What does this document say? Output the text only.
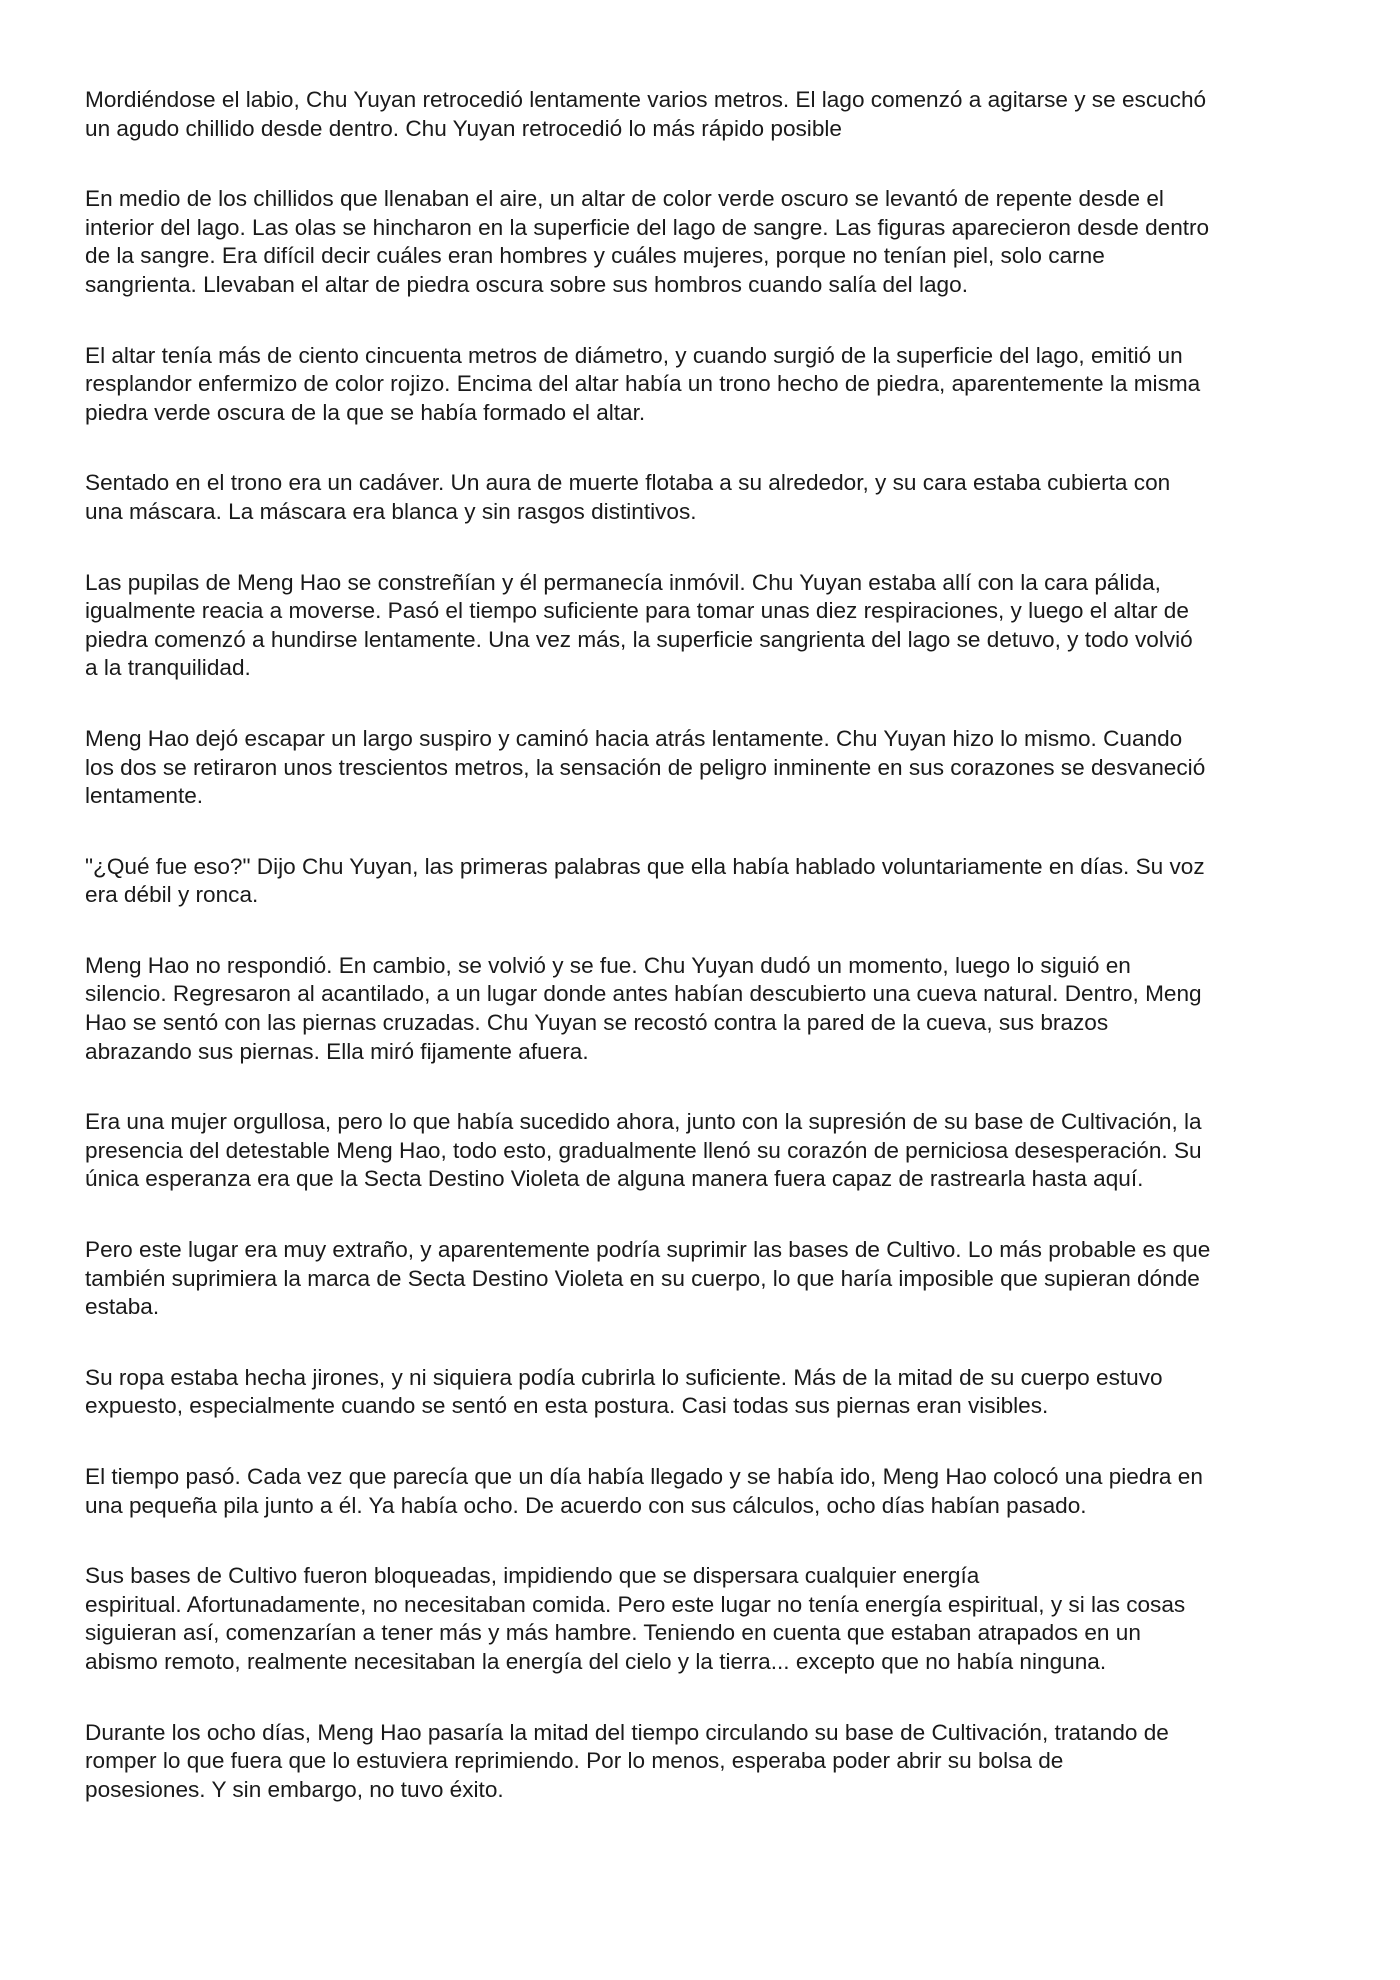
Mordiéndose el labio, Chu Yuyan retrocedió lentamente varios metros. El lago comenzó a agitarse y se escuchó
un agudo chillido desde dentro. Chu Yuyan retrocedió lo más rápido posible

En medio de los chillidos que llenaban el aire, un altar de color verde oscuro se levantó de repente desde el
interior del lago. Las olas se hincharon en la superficie del lago de sangre. Las figuras aparecieron desde dentro
de la sangre. Era difícil decir cuáles eran hombres y cuáles mujeres, porque no tenían piel, solo carne
sangrienta. Llevaban el altar de piedra oscura sobre sus hombros cuando salía del lago.

El altar tenía más de ciento cincuenta metros de diámetro, y cuando surgió de la superficie del lago, emitió un
resplandor enfermizo de color rojizo. Encima del altar había un trono hecho de piedra, aparentemente la misma
piedra verde oscura de la que se había formado el altar.

Sentado en el trono era un cadáver. Un aura de muerte flotaba a su alrededor, y su cara estaba cubierta con
una máscara. La máscara era blanca y sin rasgos distintivos.

Las pupilas de Meng Hao se constreñían y él permanecía inmóvil. Chu Yuyan estaba allí con la cara pálida,
igualmente reacia a moverse. Pasó el tiempo suficiente para tomar unas diez respiraciones, y luego el altar de
piedra comenzó a hundirse lentamente. Una vez más, la superficie sangrienta del lago se detuvo, y todo volvió
a la tranquilidad.

Meng Hao dejó escapar un largo suspiro y caminó hacia atrás lentamente. Chu Yuyan hizo lo mismo. Cuando
los dos se retiraron unos trescientos metros, la sensación de peligro inminente en sus corazones se desvaneció
lentamente.

"¿Qué fue eso?" Dijo Chu Yuyan, las primeras palabras que ella había hablado voluntariamente en días. Su voz
era débil y ronca.

Meng Hao no respondió. En cambio, se volvió y se fue. Chu Yuyan dudó un momento, luego lo siguió en
silencio. Regresaron al acantilado, a un lugar donde antes habían descubierto una cueva natural. Dentro, Meng
Hao se sentó con las piernas cruzadas. Chu Yuyan se recostó contra la pared de la cueva, sus brazos
abrazando sus piernas. Ella miró fijamente afuera.

Era una mujer orgullosa, pero lo que había sucedido ahora, junto con la supresión de su base de Cultivación, la
presencia del detestable Meng Hao, todo esto, gradualmente llenó su corazón de perniciosa desesperación. Su
única esperanza era que la Secta Destino Violeta de alguna manera fuera capaz de rastrearla hasta aquí.

Pero este lugar era muy extraño, y aparentemente podría suprimir las bases de Cultivo. Lo más probable es que
también suprimiera la marca de Secta Destino Violeta en su cuerpo, lo que haría imposible que supieran dónde
estaba.

Su ropa estaba hecha jirones, y ni siquiera podía cubrirla lo suficiente. Más de la mitad de su cuerpo estuvo
expuesto, especialmente cuando se sentó en esta postura. Casi todas sus piernas eran visibles.

El tiempo pasó. Cada vez que parecía que un día había llegado y se había ido, Meng Hao colocó una piedra en
una pequeña pila junto a él. Ya había ocho. De acuerdo con sus cálculos, ocho días habían pasado.

Sus bases de Cultivo fueron bloqueadas, impidiendo que se dispersara cualquier energía
espiritual. Afortunadamente, no necesitaban comida. Pero este lugar no tenía energía espiritual, y si las cosas
siguieran así, comenzarían a tener más y más hambre. Teniendo en cuenta que estaban atrapados en un
abismo remoto, realmente necesitaban la energía del cielo y la tierra... excepto que no había ninguna.

Durante los ocho días, Meng Hao pasaría la mitad del tiempo circulando su base de Cultivación, tratando de
romper lo que fuera que lo estuviera reprimiendo. Por lo menos, esperaba poder abrir su bolsa de
posesiones. Y sin embargo, no tuvo éxito.
